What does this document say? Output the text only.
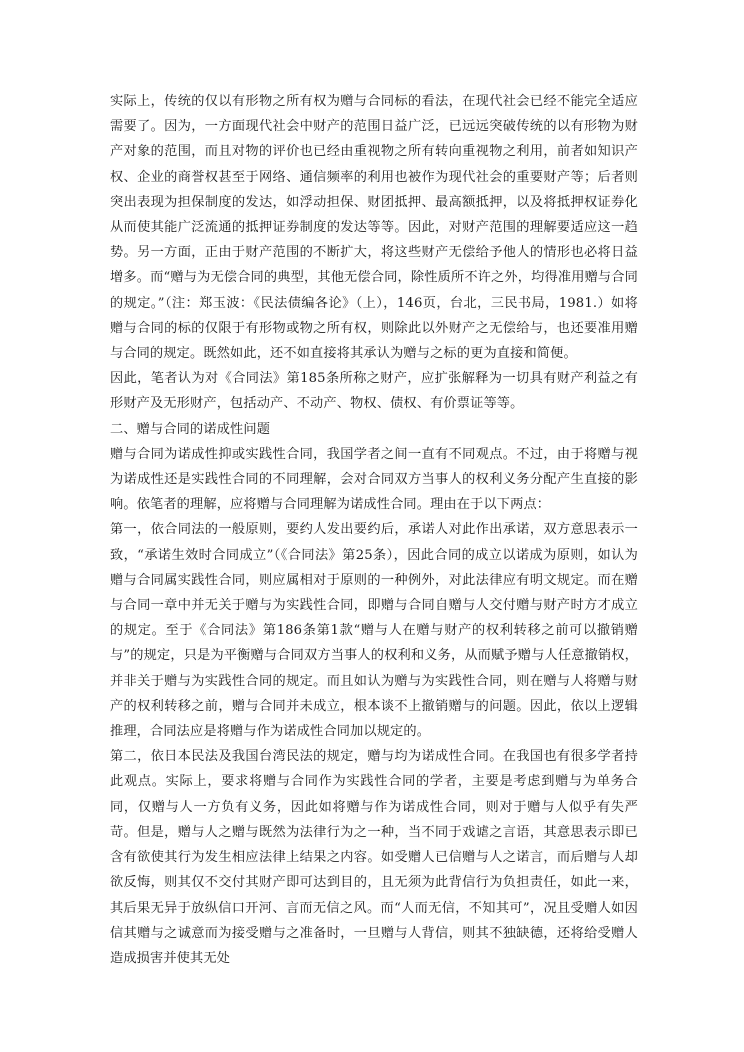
实际上，传统的仅以有形物之所有权为赠与合同标的看法，在现代社会已经不能完全适应需要了。因为，一方面现代社会中财产的范围日益广泛，已远远突破传统的以有形物为财产对象的范围，而且对物的评价也已经由重视物之所有转向重视物之利用，前者如知识产权、企业的商誉权甚至于网络、通信频率的利用也被作为现代社会的重要财产等；后者则突出表现为担保制度的发达，如浮动担保、财团抵押、最高额抵押，以及将抵押权证券化从而使其能广泛流通的抵押证券制度的发达等等。因此，对财产范围的理解要适应这一趋势。另一方面，正由于财产范围的不断扩大，将这些财产无偿给予他人的情形也必将日益增多。而“赠与为无偿合同的典型，其他无偿合同，除性质所不许之外，均得准用赠与合同的规定。”（注：郑玉波：《民法债编各论》（上），146页，台北，三民书局，1981.）如将赠与合同的标的仅限于有形物或物之所有权，则除此以外财产之无偿给与，也还要准用赠与合同的规定。既然如此，还不如直接将其承认为赠与之标的更为直接和简便。

因此，笔者认为对《合同法》第185条所称之财产，应扩张解释为一切具有财产利益之有形财产及无形财产，包括动产、不动产、物权、债权、有价票证等等。

二、赠与合同的诺成性问题

赠与合同为诺成性抑或实践性合同，我国学者之间一直有不同观点。不过，由于将赠与视为诺成性还是实践性合同的不同理解，会对合同双方当事人的权利义务分配产生直接的影响。依笔者的理解，应将赠与合同理解为诺成性合同。理由在于以下两点：

第一，依合同法的一般原则，要约人发出要约后，承诺人对此作出承诺，双方意思表示一致，“承诺生效时合同成立”（《合同法》第25条），因此合同的成立以诺成为原则，如认为赠与合同属实践性合同，则应属相对于原则的一种例外，对此法律应有明文规定。而在赠与合同一章中并无关于赠与为实践性合同，即赠与合同自赠与人交付赠与财产时方才成立的规定。至于《合同法》第186条第1款“赠与人在赠与财产的权利转移之前可以撤销赠与”的规定，只是为平衡赠与合同双方当事人的权利和义务，从而赋予赠与人任意撤销权，并非关于赠与为实践性合同的规定。而且如认为赠与为实践性合同，则在赠与人将赠与财产的权利转移之前，赠与合同并未成立，根本谈不上撤销赠与的问题。因此，依以上逻辑推理，合同法应是将赠与作为诺成性合同加以规定的。

第二，依日本民法及我国台湾民法的规定，赠与均为诺成性合同。在我国也有很多学者持此观点。实际上，要求将赠与合同作为实践性合同的学者，主要是考虑到赠与为单务合同，仅赠与人一方负有义务，因此如将赠与作为诺成性合同，则对于赠与人似乎有失严苛。但是，赠与人之赠与既然为法律行为之一种，当不同于戏谑之言语，其意思表示即已含有欲使其行为发生相应法律上结果之内容。如受赠人已信赠与人之诺言，而后赠与人却欲反悔，则其仅不交付其财产即可达到目的，且无须为此背信行为负担责任，如此一来，其后果无异于放纵信口开河、言而无信之风。而“人而无信，不知其可”，况且受赠人如因信其赠与之诚意而为接受赠与之准备时，一旦赠与人背信，则其不独缺德，还将给受赠人造成损害并使其无处
